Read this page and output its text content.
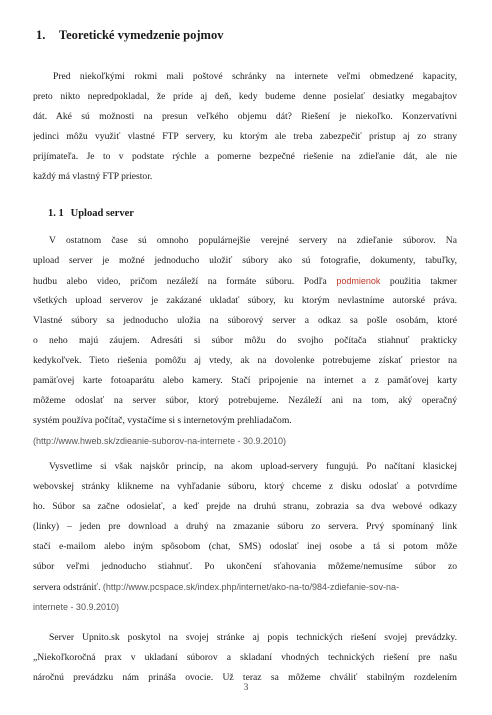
1. Teoretické vymedzenie pojmov
Pred niekoľkými rokmi mali poštové schránky na internete veľmi obmedzené kapacity,
preto nikto nepredpokladal, že príde aj deň, kedy budeme denne posielať desiatky megabajtov
dát. Aké sú možnosti na presun veľkého objemu dát? Riešení je niekoľko. Konzervatívni
jedinci môžu využiť vlastné FTP servery, ku ktorým ale treba zabezpečiť prístup aj zo strany
prijímateľa. Je to v podstate rýchle a pomerne bezpečné riešenie na zdieľanie dát, ale nie
každý má vlastný FTP priestor.
1. 1 Upload server
V ostatnom čase sú omnoho populárnejšie verejné servery na zdieľanie súborov. Na
upload server je možné jednoducho uložiť súbory ako sú fotografie, dokumenty, tabuľky,
hudbu alebo video, pričom nezáleží na formáte súboru. Podľa podmienok použitia takmer
všetkých upload serverov je zakázané ukladať súbory, ku ktorým nevlastníme autorské práva.
Vlastné súbory sa jednoducho uložia na súborový server a odkaz sa pošle osobám, ktoré
o neho majú záujem. Adresáti si súbor môžu do svojho počítača stiahnuť prakticky
kedykoľvek. Tieto riešenia pomôžu aj vtedy, ak na dovolenke potrebujeme získať priestor na
pamäťovej karte fotoaparátu alebo kamery. Stačí pripojenie na internet a z pamäťovej karty
môžeme odoslať na server súbor, ktorý potrebujeme. Nezáleží ani na tom, aký operačný
systém používa počítač, vystačíme si s internetovým prehliadačom.
(http://www.hweb.sk/zdieanie-suborov-na-internete - 30.9.2010)
Vysvetlime si však najskôr princíp, na akom upload-servery fungujú. Po načítaní klasickej
webovskej stránky klikneme na vyhľadanie súboru, ktorý chceme z disku odoslať a potvrdíme
ho. Súbor sa začne odosielať, a keď prejde na druhú stranu, zobrazia sa dva webové odkazy
(linky) – jeden pre download a druhý na zmazanie súboru zo servera. Prvý spomínaný link
stačí e-mailom alebo iným spôsobom (chat, SMS) odoslať inej osobe a tá si potom môže
súbor veľmi jednoducho stiahnuť. Po ukončení sťahovania môžeme/nemusíme súbor zo
servera odstrániť. (http://www.pcspace.sk/index.php/internet/ako-na-to/984-zdiefanie-sov-na-
internete - 30.9.2010)
Server Upnito.sk poskytol na svojej stránke aj popis technických riešení svojej prevádzky.
„Niekoľkoročná prax v ukladaní súborov a skladaní vhodných technických riešení pre našu
náročnú prevádzku nám prináša ovocie. Už teraz sa môžeme chváliť stabilným rozdelením
3
